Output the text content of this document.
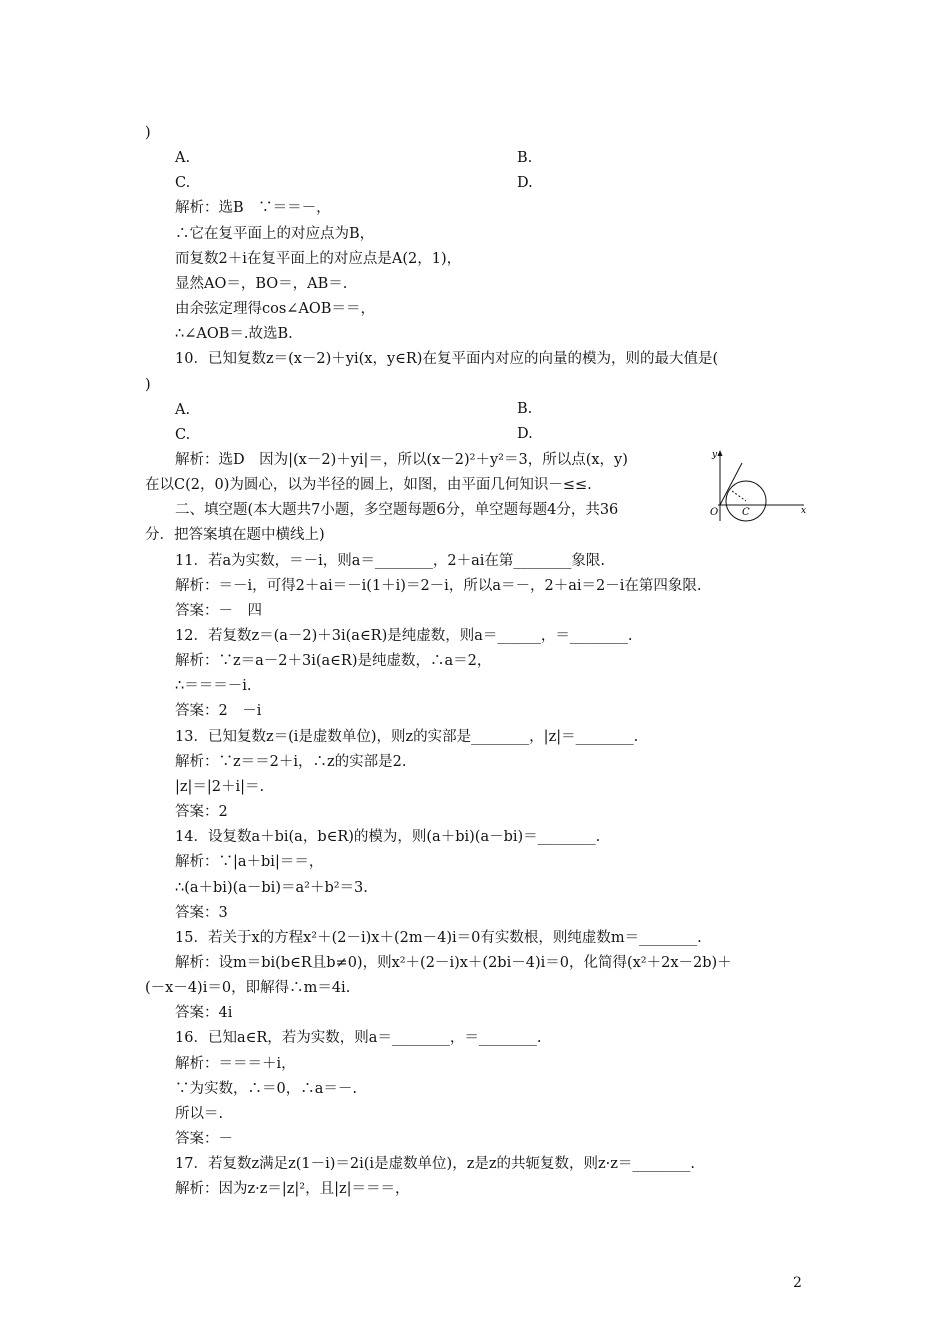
)
A.
C.
解析：选B　∵＝＝－，
∴它在复平面上的对应点为B，
而复数2＋i在复平面上的对应点是A(2，1)，
显然AO＝，BO＝，AB＝.
由余弦定理得cos∠AOB＝＝，
∴∠AOB＝.故选B.
10．已知复数z＝(x－2)＋yi(x，y∈R)在复平面内对应的向量的模为，则的最大值是(
)
A.
C.
解析：选D　因为|(x－2)＋yi|＝，所以(x－2)²＋y²＝3，所以点(x，y)
在以C(2，0)为圆心，以为半径的圆上，如图，由平面几何知识－≤≤.
二、填空题(本大题共7小题，多空题每题6分，单空题每题4分，共36
分．把答案填在题中横线上)
11．若a为实数，＝－i，则a＝________，2＋ai在第________象限.
解析：＝－i，可得2＋ai＝－i(1＋i)＝2－i，所以a＝－，2＋ai＝2－i在第四象限.
答案：－　四
12．若复数z＝(a－2)＋3i(a∈R)是纯虚数，则a＝______，＝________.
解析：∵z＝a－2＋3i(a∈R)是纯虚数，∴a＝2，
∴＝＝＝－i.
答案：2　－i
13．已知复数z＝(i是虚数单位)，则z的实部是________，|z|＝________.
解析：∵z＝＝2＋i，∴z的实部是2.
|z|＝|2＋i|＝.
答案：2
14．设复数a＋bi(a，b∈R)的模为，则(a＋bi)(a－bi)＝________.
解析：∵|a＋bi|＝＝，
∴(a＋bi)(a－bi)＝a²＋b²＝3.
答案：3
15．若关于x的方程x²＋(2－i)x＋(2m－4)i＝0有实数根，则纯虚数m＝________.
解析：设m＝bi(b∈R且b≠0)，则x²＋(2－i)x＋(2bi－4)i＝0，化简得(x²＋2x－2b)＋
(－x－4)i＝0，即解得∴m＝4i.
答案：4i
16．已知a∈R，若为实数，则a＝________，＝________.
解析：＝＝＝＋i，
∵为实数，∴＝0，∴a＝－.
所以＝.
答案：－
17．若复数z满足z(1－i)＝2i(i是虚数单位)，z是z的共轭复数，则z·z＝________.
解析：因为z·z＝|z|²，且|z|＝＝＝，
B.
D.
B.
D.
y
x
O C
2
